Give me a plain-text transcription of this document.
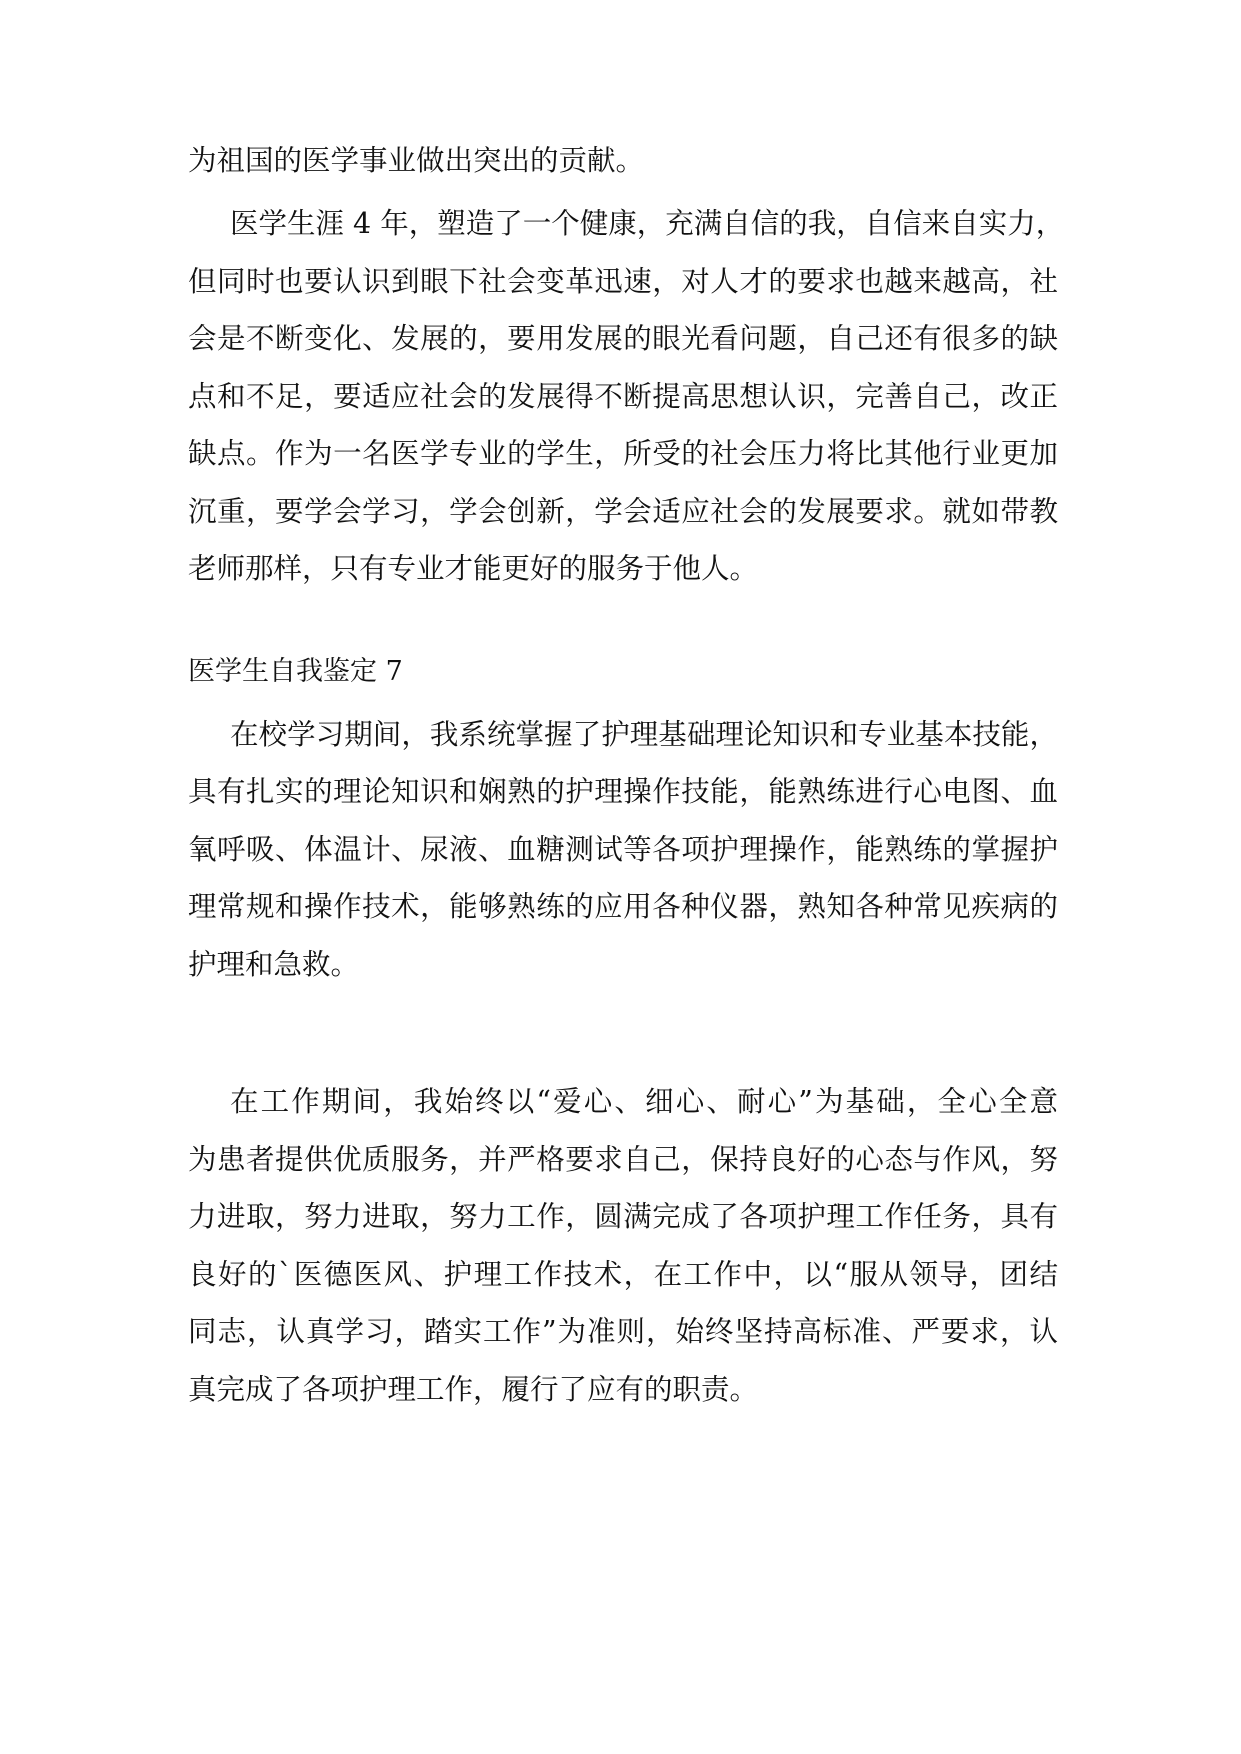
为祖国的医学事业做出突出的贡献。

医学生涯 4 年，塑造了一个健康，充满自信的我，自信来自实力，

但同时也要认识到眼下社会变革迅速，对人才的要求也越来越高，社

会是不断变化、发展的，要用发展的眼光看问题，自己还有很多的缺

点和不足，要适应社会的发展得不断提高思想认识，完善自己，改正

缺点。作为一名医学专业的学生，所受的社会压力将比其他行业更加

沉重，要学会学习，学会创新，学会适应社会的发展要求。就如带教

老师那样，只有专业才能更好的服务于他人。

医学生自我鉴定 7

在校学习期间，我系统掌握了护理基础理论知识和专业基本技能，

具有扎实的理论知识和娴熟的护理操作技能，能熟练进行心电图、血

氧呼吸、体温计、尿液、血糖测试等各项护理操作，能熟练的掌握护

理常规和操作技术，能够熟练的应用各种仪器，熟知各种常见疾病的

护理和急救。

在工作期间，我始终以“爱心、细心、耐心”为基础，全心全意

为患者提供优质服务，并严格要求自己，保持良好的心态与作风，努

力进取，努力进取，努力工作，圆满完成了各项护理工作任务，具有

良好的`医德医风、护理工作技术，在工作中，以“服从领导，团结

同志，认真学习，踏实工作”为准则，始终坚持高标准、严要求，认

真完成了各项护理工作，履行了应有的职责。
